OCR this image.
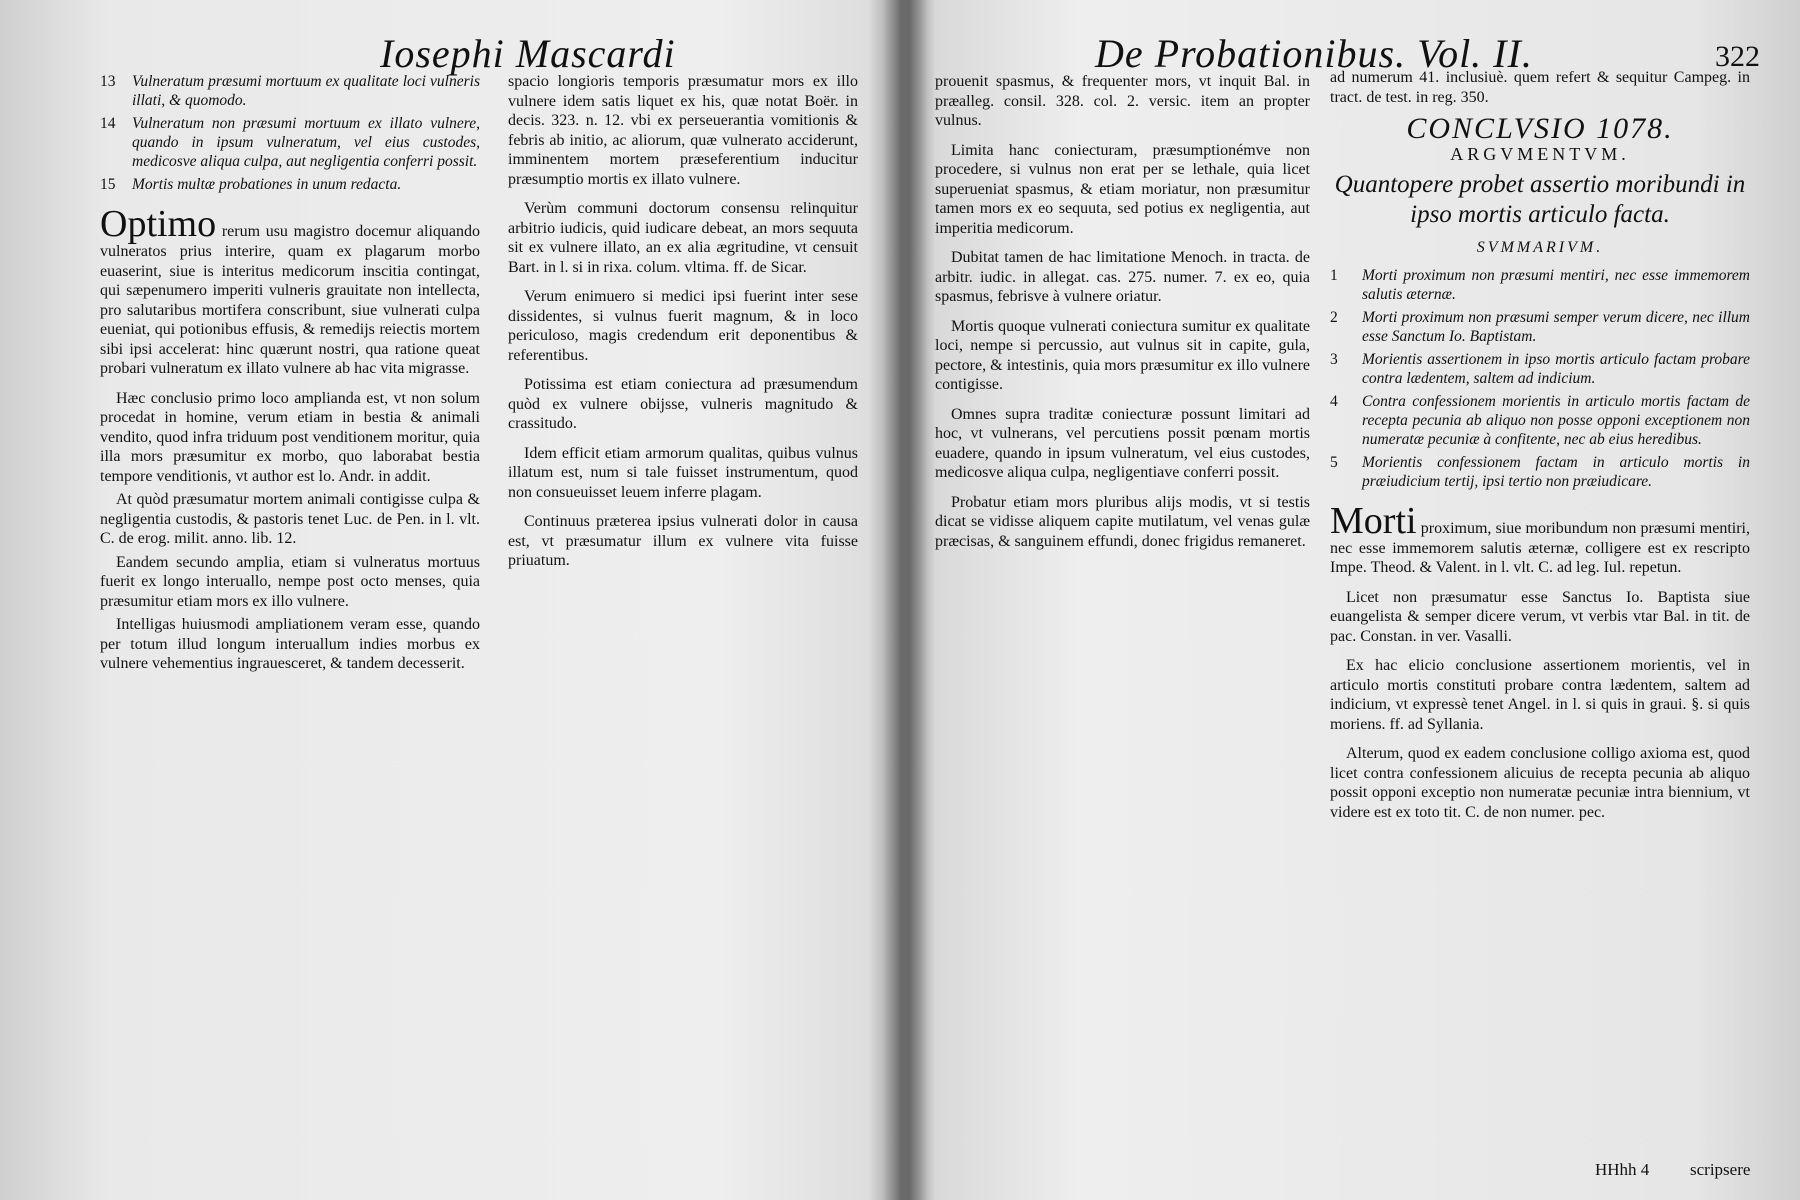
Iosephi Mascardi
13 Vulneratum præsumi mortuum ex qualitate loci vulneris illati, & quomodo.
14 Vulneratum non præsumi mortuum ex illato vulnere, quando in ipsum vulneratum, vel eius custodes, medicosve aliqua culpa, aut negligentia conferri possit.
15 Mortis multæ probationes in unum redacta.

Optimo rerum usu magistro docemur aliquando vulneratos prius interire, quam ex plagarum morbo euaserint, siue is interitus medicorum inscitia contingat, qui sæpenumero imperiti vulneris grauitate non intellecta, pro salutaribus mortifera conscribunt, siue vulnerati culpa eueniat, qui potionibus effusis, & remedijs reiectis mortem sibi ipsi accelerat: hinc quærunt nostri, qua ratione queat probari vulneratum ex illato vulnere ab hac vita migrasse.

Hæc conclusio primo loco amplianda est, vt non solum procedat in homine, verum etiam in bestia & animali vendito, quod infra triduum post venditionem moritur, quia illa mors præsumitur ex morbo, quo laborabat bestia tempore venditionis, vt author est lo. Andr. in addit.

At quòd præsumatur mortem animali contigisse culpa & negligentia custodis, & pastoris tenet Luc. de Pen. in l. vlt. C. de erog. milit. anno. lib. 12.

Eandem secundo amplia, etiam si vulneratus mortuus fuerit ex longo interuallo, nempe post octo menses, quia præsumitur etiam mors ex illo vulnere.

Intelligas huiusmodi ampliationem veram esse, quando per totum illud longum interuallum indies morbus ex vulnere vehementius ingrauesceret, & tandem decesserit.

spacio longioris temporis præsumatur mors ex illo vulnere idem satis liquet ex his, quæ notat Boër. in decis. 323. n. 12. vbi ex perseuerantia vomitionis & febris ab initio, ac aliorum, quæ vulnerato acciderunt, imminentem mortem præseferentium inducitur præsumptio mortis ex illato vulnere.

Verùm communi doctorum consensu relinquitur arbitrio iudicis, quid iudicare debeat, an mors sequuta sit ex vulnere illato, an ex alia ægritudine, vt censuit Bart. in l. si in rixa. colum. vltima. ff. de Sicar.

Verum enimuero si medici ipsi fuerint inter sese dissidentes, si vulnus fuerit magnum, & in loco periculoso, magis credendum erit deponentibus & referentibus.

Potissima est etiam coniectura ad præsumendum quòd ex vulnere obijsse, vulneris magnitudo & crassitudo.

Idem efficit etiam armorum qualitas, quibus vulnus illatum est, num si tale fuisset instrumentum, quod non consueuisset leuem inferre plagam.

Continuus præterea ipsius vulnerati dolor in causa est, vt præsumatur illum ex vulnere vita fuisse priuatum.

De Probationibus. Vol. II.	322

prouenit spasmus, & frequenter mors, vt inquit Bal. in præalleg. consil. 328. col. 2. versic. item an propter vulnus.

Limita hanc coniecturam, præsumptionémve non procedere, si vulnus non erat per se lethale, quia licet superueniat spasmus, & etiam moriatur, non præsumitur tamen mors ex eo sequuta, sed potius ex negligentia, aut imperitia medicorum.

Dubitat tamen de hac limitatione Menoch. in tracta. de arbitr. iudic. in allegat. cas. 275. numer. 7. ex eo, quia spasmus, febrisve à vulnere oriatur.

Mortis quoque vulnerati coniectura sumitur ex qualitate loci, nempe si percussio, aut vulnus sit in capite, gula, pectore, & intestinis, quia mors præsumitur ex illo vulnere contigisse.

Omnes supra traditæ coniecturæ possunt limitari ad hoc, vt vulnerans, vel percutiens possit pœnam mortis euadere, quando in ipsum vulneratum, vel eius custodes, medicosve aliqua culpa, negligentiave conferri possit.

Probatur etiam mors pluribus alijs modis, vt si testis dicat se vidisse aliquem capite mutilatum, vel venas gulæ præcisas, & sanguinem effundi, donec frigidus remaneret.

ad numerum 41. inclusiuè. quem refert & sequitur Campeg. in tract. de test. in reg. 350.

CONCLVSIO 1078.
ARGVMENTVM.
Quantopere probet assertio moribundi in ipso mortis articulo facta.
SVMMARIVM.
1	Morti proximum non præsumi mentiri, nec esse immemorem salutis æternæ.
2	Morti proximum non præsumi semper verum dicere, nec illum esse Sanctum Io. Baptistam.
3	Morientis assertionem in ipso mortis articulo factam probare contra lædentem, saltem ad indicium.
4	Contra confessionem morientis in articulo mortis factam de recepta pecunia ab aliquo non posse opponi exceptionem non numeratæ pecuniæ à confitente, nec ab eius heredibus.
5	Morientis confessionem factam in articulo mortis in præiudicium tertij, ipsi tertio non præiudicare.

Morti proximum, siue moribundum non præsumi mentiri, nec esse immemorem salutis æternæ, colligere est ex rescripto Impe. Theod. & Valent. in l. vlt. C. ad leg. Iul. repetun.

Licet non præsumatur esse Sanctus Io. Baptista siue euangelista & semper dicere verum, vt verbis vtar Bal. in tit. de pac. Constan. in ver. Vasalli.

Ex hac elicio conclusione assertionem morientis, vel in articulo mortis constituti probare contra lædentem, saltem ad indicium, vt expressè tenet Angel. in l. si quis in graui. §. si quis moriens. ff. ad Syllania.

Alterum, quod ex eadem conclusione colligo axioma est, quod licet contra confessionem alicuius de recepta pecunia ab aliquo possit opponi exceptio non numeratæ pecuniæ intra biennium, vt videre est ex toto tit. C. de non numer. pec.

HHhh 4 scripsere
